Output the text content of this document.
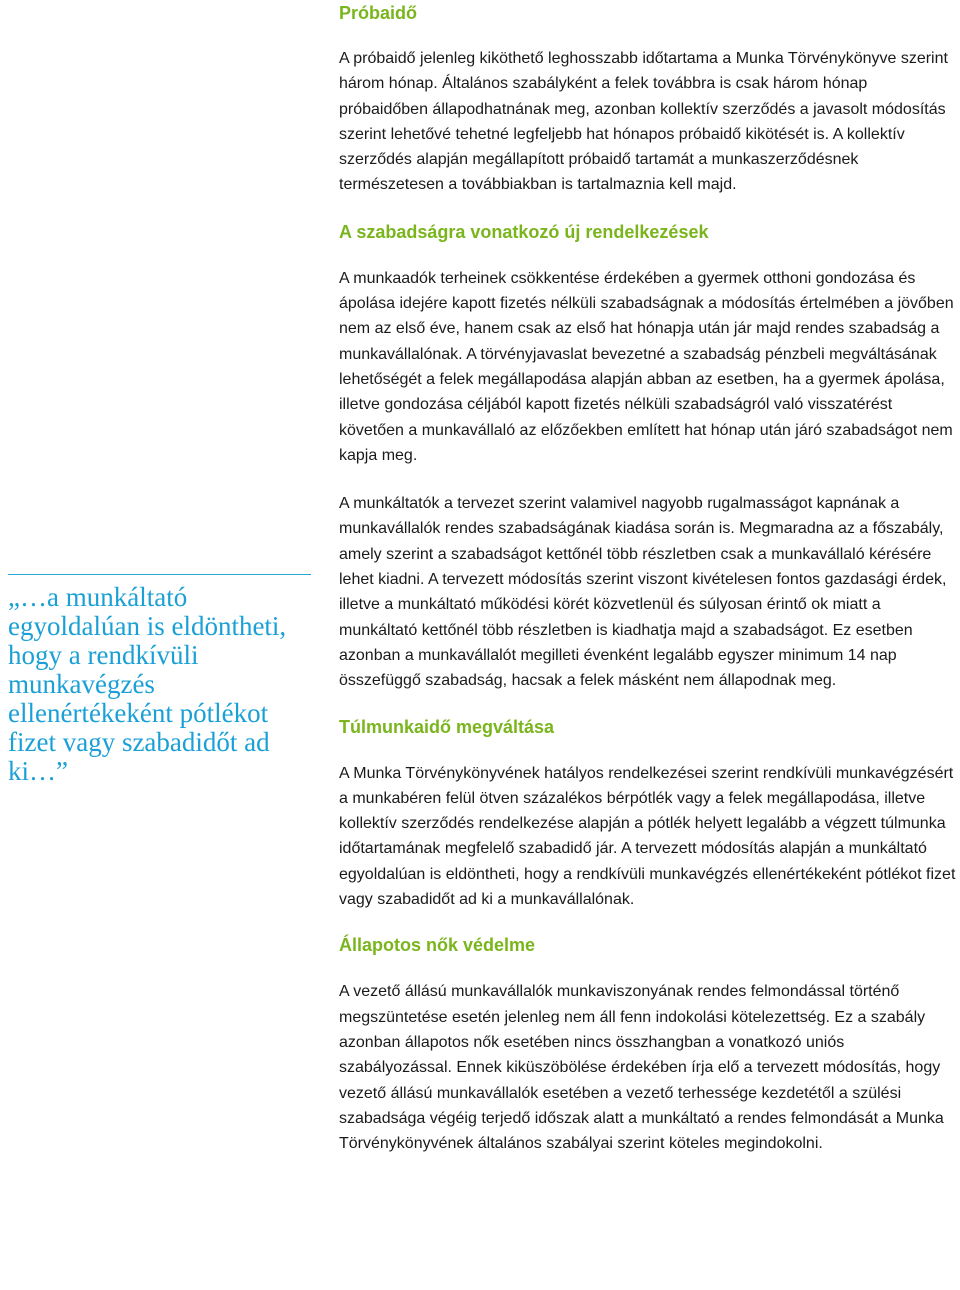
Próbaidő

A próbaidő jelenleg kiköthető leghosszabb időtartama a Munka Törvénykönyve szerint három hónap. Általános szabályként a felek továbbra is csak három hónap próbaidőben állapodhatnának meg, azonban kollektív szerződés a javasolt módosítás szerint lehetővé tehetné legfeljebb hat hónapos próbaidő kikötését is. A kollektív szerződés alapján megállapított próbaidő tartamát a munkaszerződésnek természetesen a továbbiakban is tartalmaznia kell majd.

A szabadságra vonatkozó új rendelkezések

A munkaadók terheinek csökkentése érdekében a gyermek otthoni gondozása és ápolása idejére kapott fizetés nélküli szabadságnak a módosítás értelmében a jövőben nem az első éve, hanem csak az első hat hónapja után jár majd rendes szabadság a munkavállalónak. A törvényjavaslat bevezetné a szabadság pénzbeli megváltásának lehetőségét a felek megállapodása alapján abban az esetben, ha a gyermek ápolása, illetve gondozása céljából kapott fizetés nélküli szabadságról való visszatérést követően a munkavállaló az előzőekben említett hat hónap után járó szabadságot nem kapja meg.

A munkáltatók a tervezet szerint valamivel nagyobb rugalmasságot kapnának a munkavállalók rendes szabadságának kiadása során is. Megmaradna az a főszabály, amely szerint a szabadságot kettőnél több részletben csak a munkavállaló kérésére lehet kiadni. A tervezett módosítás szerint viszont kivételesen fontos gazdasági érdek, illetve a munkáltató működési körét közvetlenül és súlyosan érintő ok miatt a munkáltató kettőnél több részletben is kiadhatja majd a szabadságot. Ez esetben azonban a munkavállalót megilleti évenként legalább egyszer minimum 14 nap összefüggő szabadság, hacsak a felek másként nem állapodnak meg.

Túlmunkaidő megváltása

A Munka Törvénykönyvének hatályos rendelkezései szerint rendkívüli munkavégzésért a munkabéren felül ötven százalékos bérpótlék vagy a felek megállapodása, illetve kollektív szerződés rendelkezése alapján a pótlék helyett legalább a végzett túlmunka időtartamának megfelelő szabadidő jár. A tervezett módosítás alapján a munkáltató egyoldalúan is eldöntheti, hogy a rendkívüli munkavégzés ellenértékeként pótlékot fizet vagy szabadidőt ad ki a munkavállalónak.

Állapotos nők védelme

A vezető állású munkavállalók munkaviszonyának rendes felmondással történő megszüntetése esetén jelenleg nem áll fenn indokolási kötelezettség. Ez a szabály azonban állapotos nők esetében nincs összhangban a vonatkozó uniós szabályozással. Ennek kiküszöbölése érdekében írja elő a tervezett módosítás, hogy vezető állású munkavállalók esetében a vezető terhessége kezdetétől a szülési szabadsága végéig terjedő időszak alatt a munkáltató a rendes felmondását a Munka Törvénykönyvének általános szabályai szerint köteles megindokolni.

„…a munkáltató egyoldalúan is eldöntheti, hogy a rendkívüli munkavégzés ellenértékeként pótlékot fizet vagy szabadidőt ad ki…”
